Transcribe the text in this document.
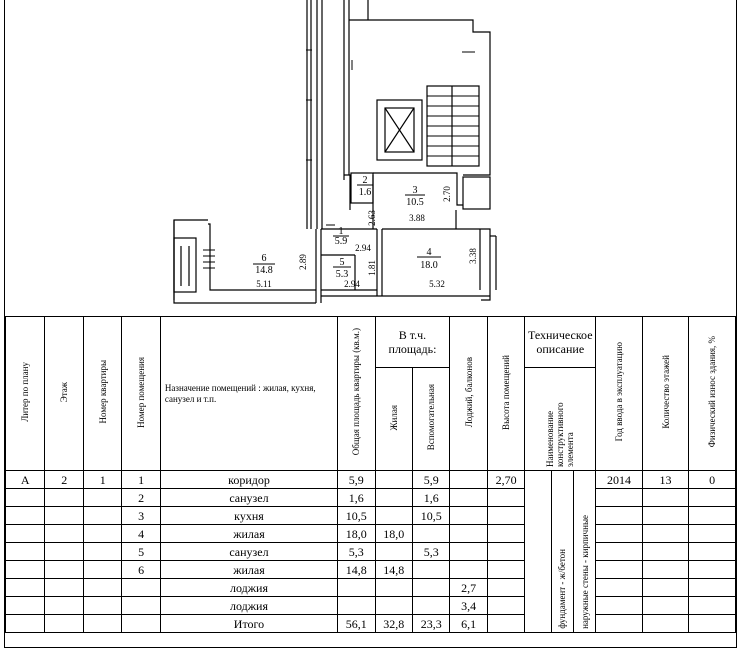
6
14.8
1
5.9
2
1.6	3
10.5
4
18.0
5
5.3
2.70
3.88
2.63
2.94
3.38
2.89	1.81
5.11	2.94	5.32
Литер по плану	Этаж	Номер квартиры	Номер помещения	Назначение помещений : жилая, кухня, санузел и т.п.	Общая площадь квартиры (кв.м.)	В т.ч. площадь:		Лоджий, балконов	Высота помещений	Техническое описание			Год ввода в эксплуатацию	Количество этажей	Физический износ здания, %
						Жилая	Вспомогательная			Наименование конструктивного элемента					
А	2	1	1	коридор	5,9		5,9		2,70		фундамент - ж/бетон	наружные стены - кирпичные	2014	13	0
			2	санузел	1,6		1,6								
			3	кухня	10,5		10,5								
			4	жилая	18,0	18,0									
			5	санузел	5,3		5,3								
			6	жилая	14,8	14,8									
				лоджия				2,7							
				лоджия				3,4							
				Итого	56,1	32,8	23,3	6,1							
